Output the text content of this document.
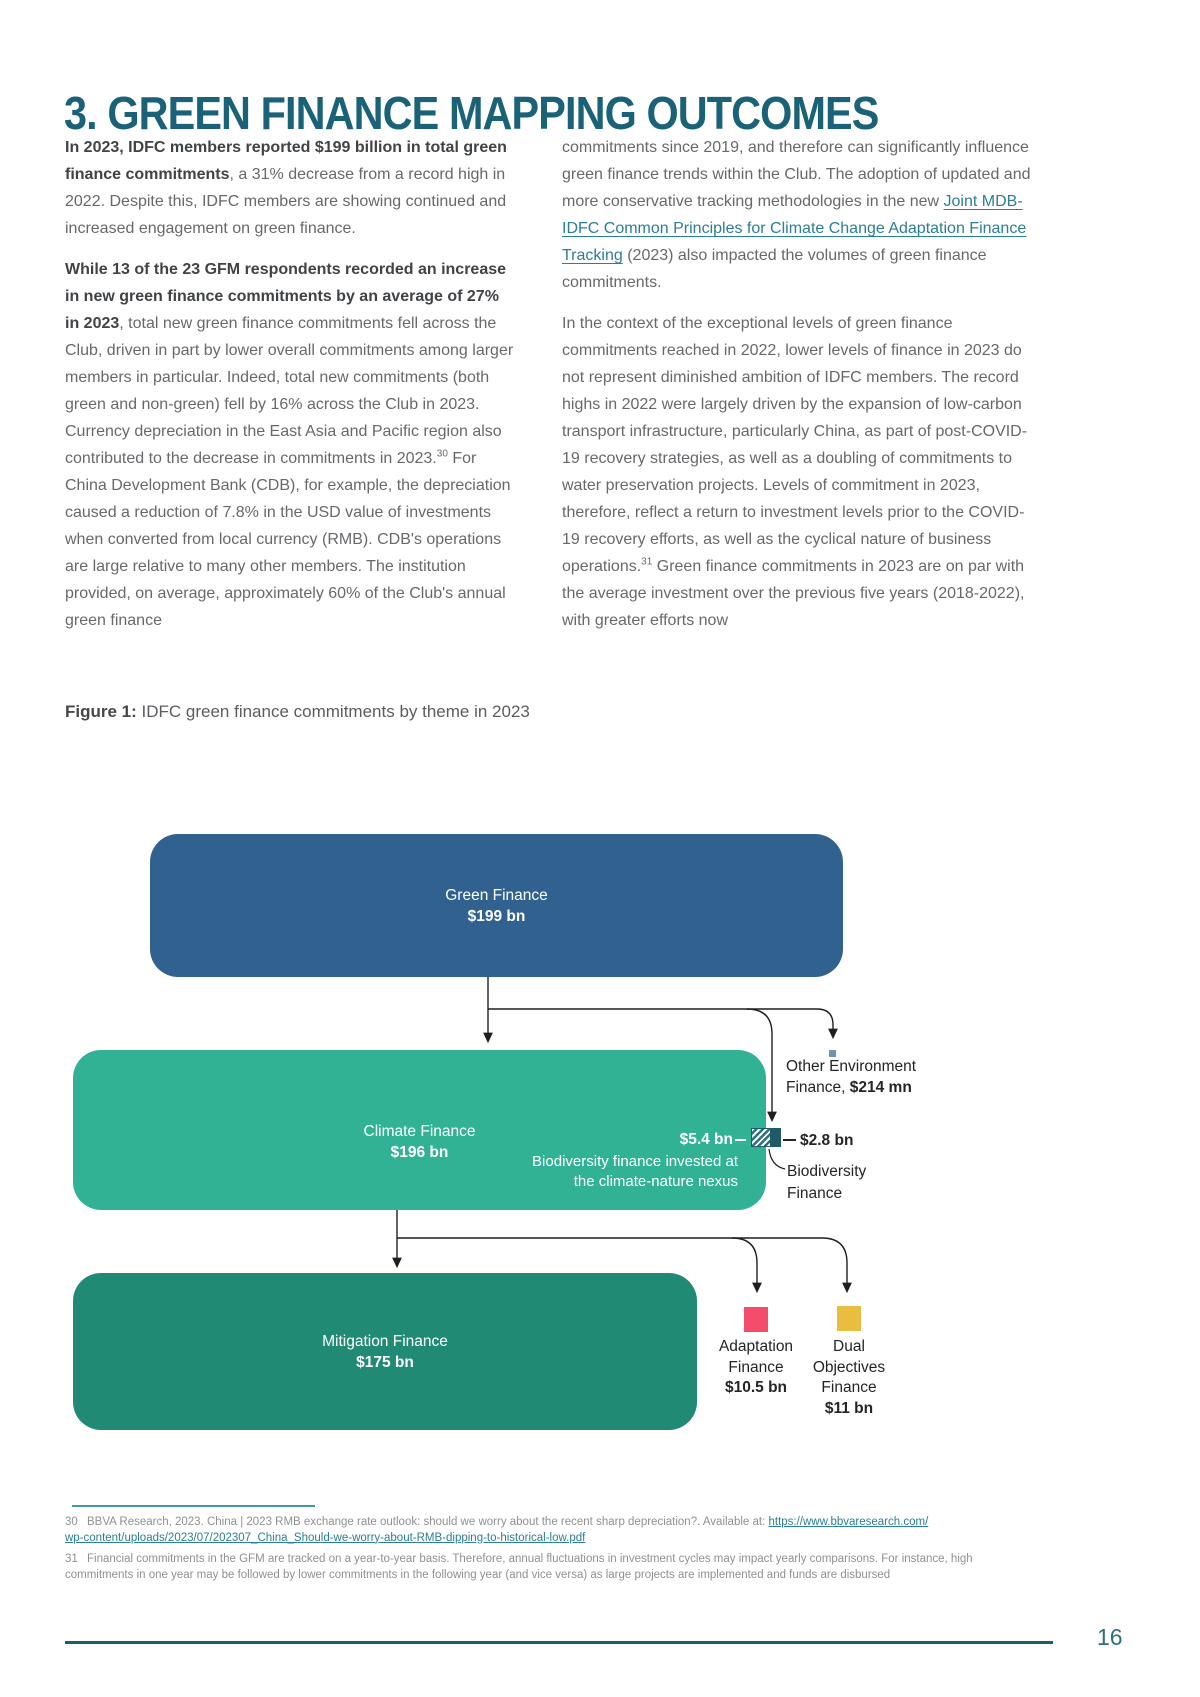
3. GREEN FINANCE MAPPING OUTCOMES

In 2023, IDFC members reported $199 billion in total green finance commitments, a 31% decrease from a record high in 2022. Despite this, IDFC members are showing continued and increased engagement on green finance.

While 13 of the 23 GFM respondents recorded an increase in new green finance commitments by an average of 27% in 2023, total new green finance commitments fell across the Club, driven in part by lower overall commitments among larger members in particular. Indeed, total new commitments (both green and non-green) fell by 16% across the Club in 2023. Currency depreciation in the East Asia and Pacific region also contributed to the decrease in commitments in 2023.30 For China Development Bank (CDB), for example, the depreciation caused a reduction of 7.8% in the USD value of investments when converted from local currency (RMB). CDB's operations are large relative to many other members. The institution provided, on average, approximately 60% of the Club's annual green finance

commitments since 2019, and therefore can significantly influence green finance trends within the Club. The adoption of updated and more conservative tracking methodologies in the new Joint MDB-IDFC Common Principles for Climate Change Adaptation Finance Tracking (2023) also impacted the volumes of green finance commitments.

In the context of the exceptional levels of green finance commitments reached in 2022, lower levels of finance in 2023 do not represent diminished ambition of IDFC members. The record highs in 2022 were largely driven by the expansion of low-carbon transport infrastructure, particularly China, as part of post-COVID-19 recovery strategies, as well as a doubling of commitments to water preservation projects. Levels of commitment in 2023, therefore, reflect a return to investment levels prior to the COVID-19 recovery efforts, as well as the cyclical nature of business operations.$^{31}$ Green finance commitments in 2023 are on par with the average investment over the previous five years (2018-2022), with greater efforts now

Figure 1: IDFC green finance commitments by theme in 2023
Green Finance
$199 bn
Climate Finance
$196 bn
Mitigation Finance
$175 bn
Other Environment
Finance, $214 mn
$5.4 bn
Biodiversity finance invested at
the climate-nature nexus
$2.8 bn
Biodiversity
Finance
Adaptation
Finance
$10.5 bn
Dual
Objectives
Finance
$11 bn

30 BBVA Research, 2023. China | 2023 RMB exchange rate outlook: should we worry about the recent sharp depreciation?. Available at: https://www.bbvaresearch.com/
wp-content/uploads/2023/07/202307_China_Should-we-worry-about-RMB-dipping-to-historical-low.pdf

31 Financial commitments in the GFM are tracked on a year-to-year basis. Therefore, annual fluctuations in investment cycles may impact yearly comparisons. For instance, high commitments in one year may be followed by lower commitments in the following year (and vice versa) as large projects are implemented and funds are disbursed

16
